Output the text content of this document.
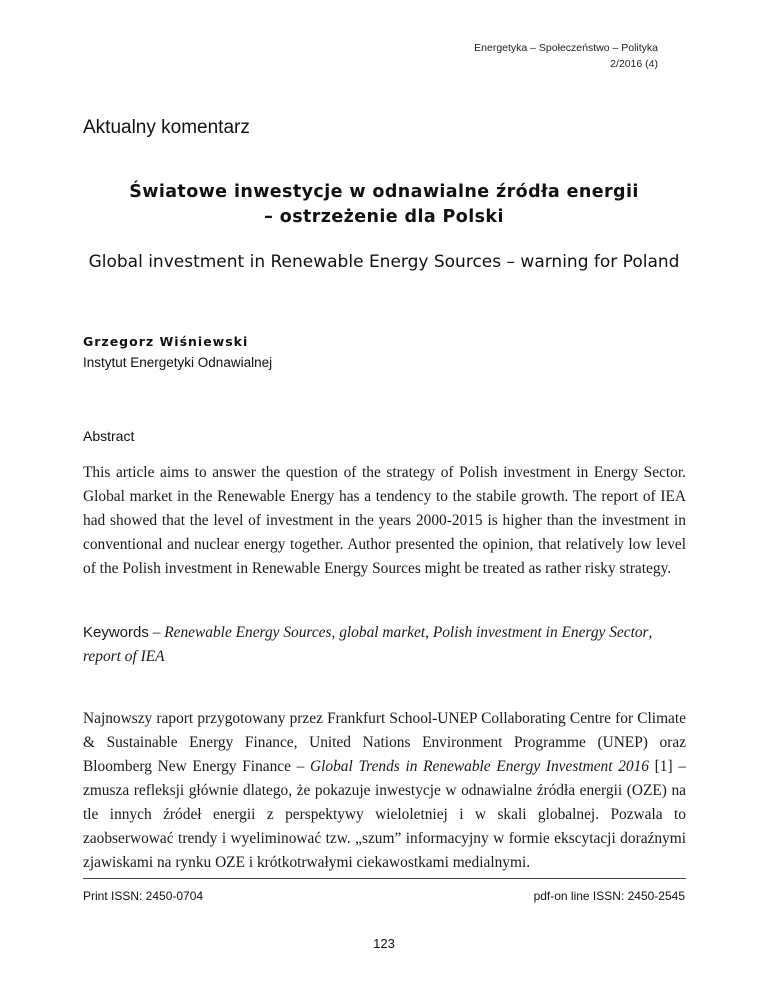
Energetyka – Społeczeństwo – Polityka
2/2016 (4)
Aktualny komentarz
Światowe inwestycje w odnawialne źródła energii
– ostrzeżenie dla Polski
Global investment in Renewable Energy Sources – warning for Poland
Grzegorz Wiśniewski
Instytut Energetyki Odnawialnej
Abstract

This article aims to answer the question of the strategy of Polish investment in Energy Sector. Global market in the Renewable Energy has a tendency to the stabile growth. The report of IEA had showed that the level of investment in the years 2000-2015 is higher than the investment in conventional and nuclear energy together. Author presented the opinion, that relatively low level of the Polish investment in Renewable Energy Sources might be treated as rather risky strategy.

Keywords – Renewable Energy Sources, global market, Polish investment in Energy Sector, report of IEA

Najnowszy raport przygotowany przez Frankfurt School-UNEP Collaborating Centre for Climate & Sustainable Energy Finance, United Nations Environment Programme (UNEP) oraz Bloomberg New Energy Finance – Global Trends in Renewable Energy Investment 2016 [1] – zmusza refleksji głównie dlatego, że pokazuje inwestycje w odnawialne źródła energii (OZE) na tle innych źródeł energii z perspektywy wieloletniej i w skali globalnej. Pozwala to zaobserwować trendy i wyeliminować tzw. „szum” informacyjny w formie ekscytacji doraźnymi zjawiskami na rynku OZE i krótkotrwałymi ciekawostkami medialnymi.

Print ISSN: 2450-0704	pdf-on line ISSN: 2450-2545
123
